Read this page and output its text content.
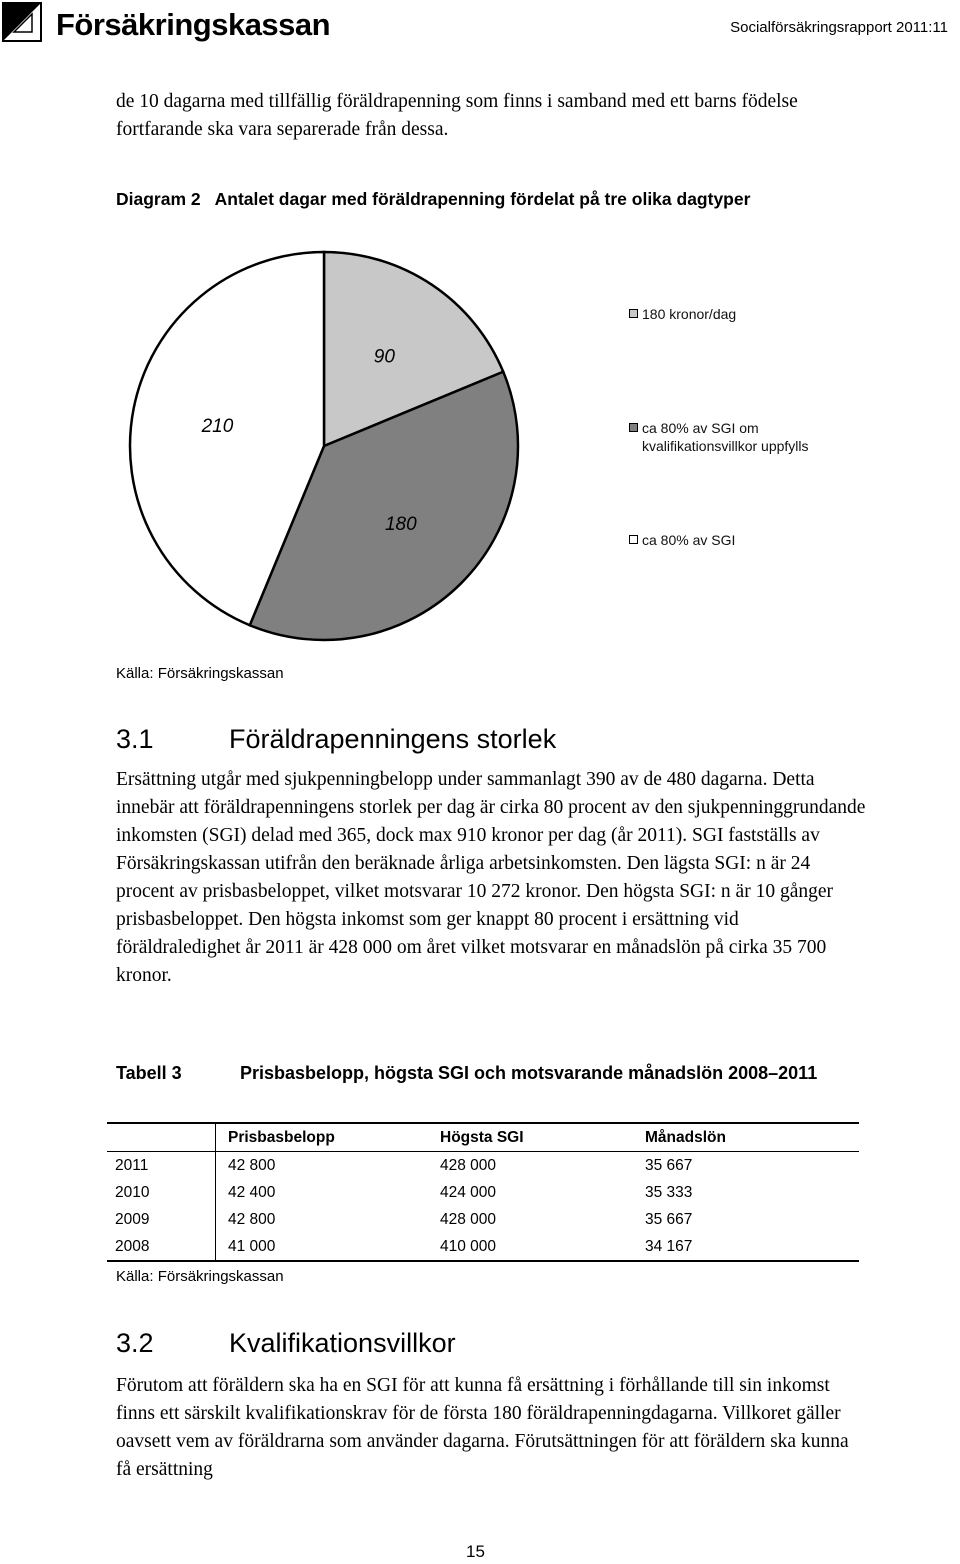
Försäkringskassan	Socialförsäkringsrapport 2011:11
de 10 dagarna med tillfällig föräldrapenning som finns i samband med ett barns födelse fortfarande ska vara separerade från dessa.
Diagram 2 Antalet dagar med föräldrapenning fördelat på tre olika dagtyper
90
180
210
180 kronor/dag
ca 80% av SGI om kvalifikationsvillkor uppfylls
ca 80% av SGI
Källa: Försäkringskassan
3.1	Föräldrapenningens storlek
Ersättning utgår med sjukpenningbelopp under sammanlagt 390 av de 480 dagarna. Detta innebär att föräldrapenningens storlek per dag är cirka 80 procent av den sjukpenninggrundande inkomsten (SGI) delad med 365, dock max 910 kronor per dag (år 2011). SGI fastställs av Försäkringskassan utifrån den beräknade årliga arbetsinkomsten. Den lägsta SGI: n är 24 procent av prisbasbeloppet, vilket motsvarar 10 272 kronor. Den högsta SGI: n är 10 gånger prisbasbeloppet. Den högsta inkomst som ger knappt 80 procent i ersättning vid föräldraledighet år 2011 är 428 000 om året vilket motsvarar en månadslön på cirka 35 700 kronor.
Tabell 3	Prisbasbelopp, högsta SGI och motsvarande månadslön 2008–2011
	Prisbasbelopp	Högsta SGI	Månadslön
2011	42 800	428 000	35 667
2010	42 400	424 000	35 333
2009	42 800	428 000	35 667
2008	41 000	410 000	34 167
Källa: Försäkringskassan
3.2	Kvalifikationsvillkor
Förutom att föräldern ska ha en SGI för att kunna få ersättning i förhållande till sin inkomst finns ett särskilt kvalifikationskrav för de första 180 föräldrapenningdagarna. Villkoret gäller oavsett vem av föräldrarna som använder dagarna. Förutsättningen för att föräldern ska kunna få ersättning
15
